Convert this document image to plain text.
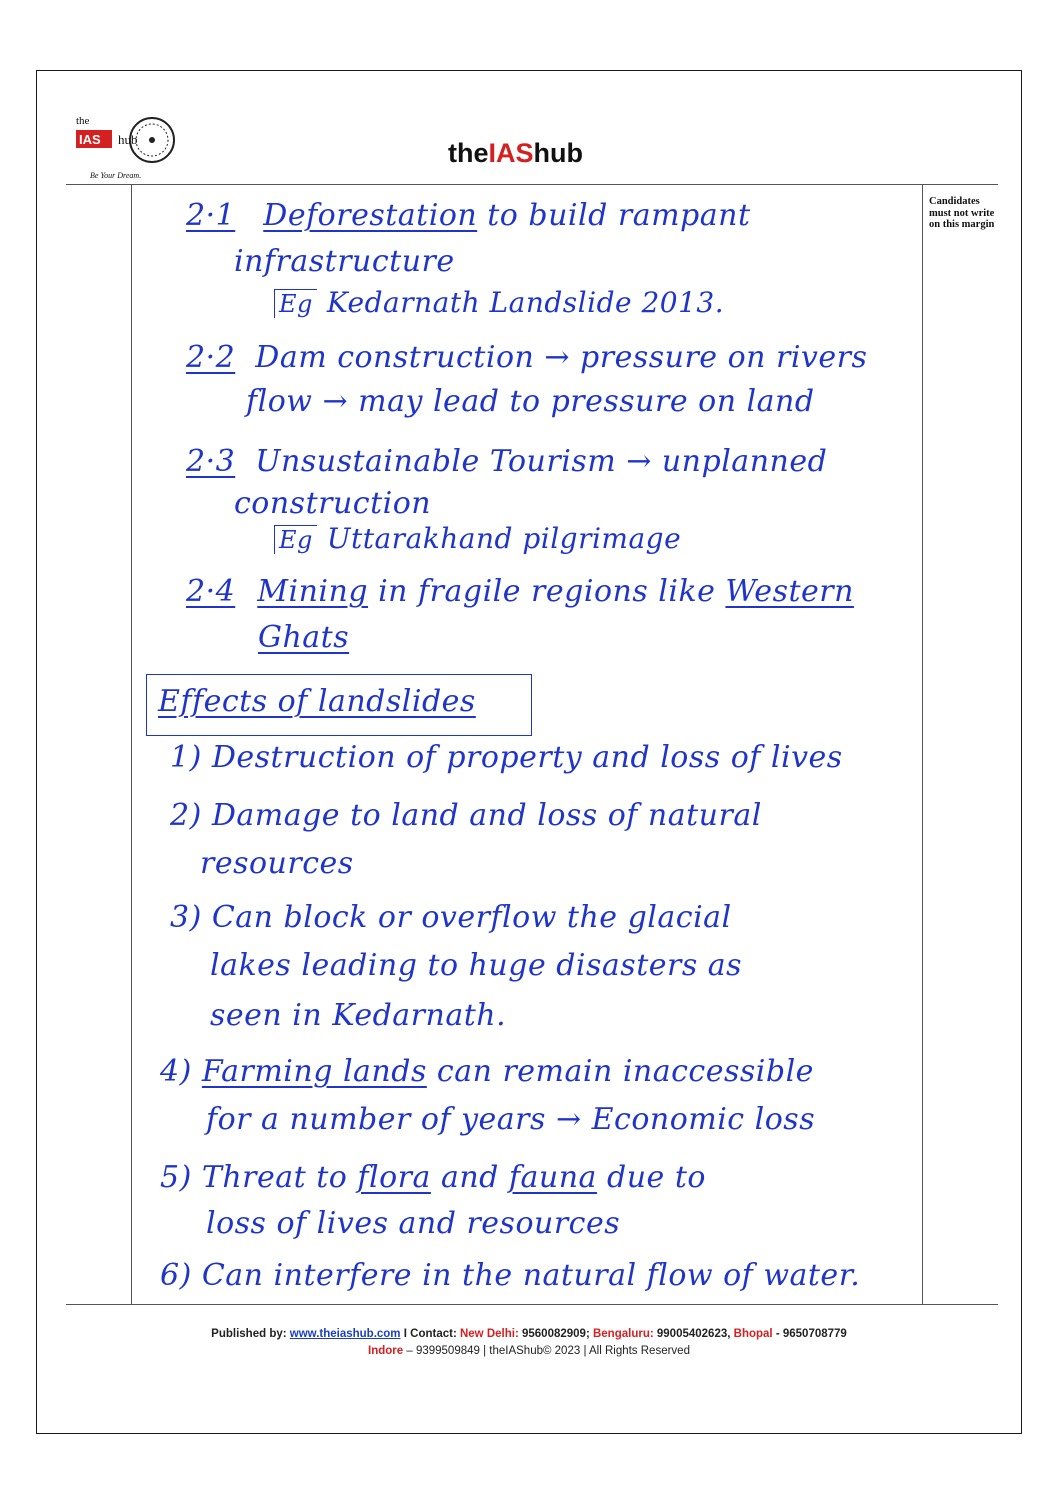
the
IAS hub
Be Your Dream.
theIAShub
Candidates must not write on this margin
2·1 Deforestation to build rampant
infrastructure
Eg Kedarnath Landslide 2013.
2·2 Dam construction → pressure on rivers
flow → may lead to pressure on land
2·3 Unsustainable Tourism → unplanned
construction
Eg Uttarakhand pilgrimage
2·4 Mining in fragile regions like Western
Ghats
Effects of landslides
1) Destruction of property and loss of lives
2) Damage to land and loss of natural
resources
3) Can block or overflow the glacial
lakes leading to huge disasters as
seen in Kedarnath.
4) Farming lands can remain inaccessible
for a number of years → Economic loss
5) Threat to flora and fauna due to
loss of lives and resources
6) Can interfere in the natural flow of water.
Published by: www.theiashub.com I Contact: New Delhi: 9560082909; Bengaluru: 99005402623, Bhopal - 9650708779
Indore – 9399509849 | theIAShub© 2023 | All Rights Reserved
